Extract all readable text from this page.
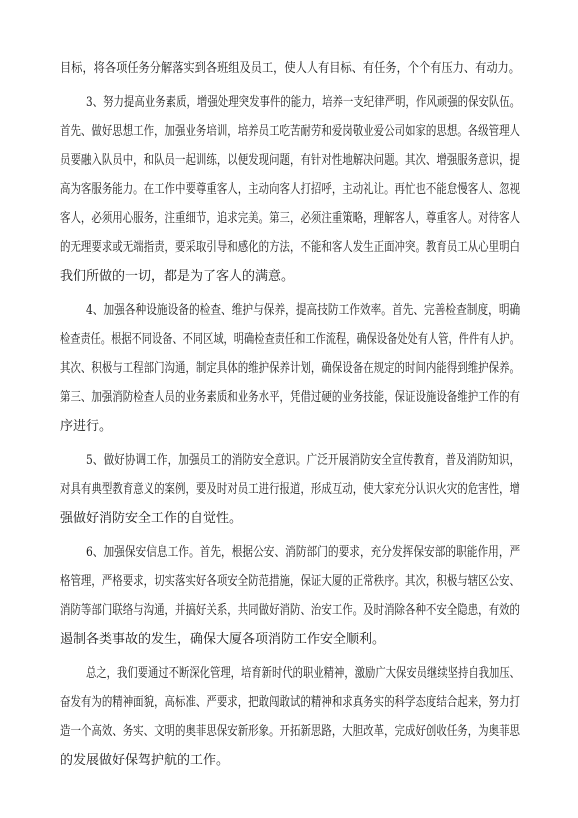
目标，将各项任务分解落实到各班组及员工，使人人有目标、有任务，个个有压力、有动力。
3、努力提高业务素质，增强处理突发事件的能力，培养一支纪律严明，作风顽强的保安队伍。
首先、做好思想工作，加强业务培训，培养员工吃苦耐劳和爱岗敬业爱公司如家的思想。各级管理人
员要融入队员中，和队员一起训练，以便发现问题，有针对性地解决问题。其次、增强服务意识，提
高为客服务能力。在工作中要尊重客人，主动向客人打招呼，主动礼让。再忙也不能怠慢客人、忽视
客人，必须用心服务，注重细节，追求完美。第三，必须注重策略，理解客人，尊重客人。对待客人
的无理要求或无端指责，要采取引导和感化的方法，不能和客人发生正面冲突。教育员工从心里明白
我们所做的一切，都是为了客人的满意。
4、加强各种设施设备的检查、维护与保养，提高技防工作效率。首先、完善检查制度，明确
检查责任。根据不同设备、不同区域，明确检查责任和工作流程，确保设备处处有人管，件件有人护。
其次、积极与工程部门沟通，制定具体的维护保养计划，确保设备在规定的时间内能得到维护保养。
第三、加强消防检查人员的业务素质和业务水平，凭借过硬的业务技能，保证设施设备维护工作的有
序进行。
5、做好协调工作，加强员工的消防安全意识。广泛开展消防安全宣传教育，普及消防知识，
对具有典型教育意义的案例，要及时对员工进行报道，形成互动，使大家充分认识火灾的危害性，增
强做好消防安全工作的自觉性。
6、加强保安信息工作。首先，根据公安、消防部门的要求，充分发挥保安部的职能作用，严
格管理，严格要求，切实落实好各项安全防范措施，保证大厦的正常秩序。其次，积极与辖区公安、
消防等部门联络与沟通，并搞好关系，共同做好消防、治安工作。及时消除各种不安全隐患，有效的
遏制各类事故的发生，确保大厦各项消防工作安全顺利。
总之，我们要通过不断深化管理，培育新时代的职业精神，激励广大保安员继续坚持自我加压、
奋发有为的精神面貌，高标准、严要求，把敢闯敢试的精神和求真务实的科学态度结合起来，努力打
造一个高效、务实、文明的奥菲思保安新形象。开拓新思路，大胆改革，完成好创收任务，为奥菲思
的发展做好保驾护航的工作。
